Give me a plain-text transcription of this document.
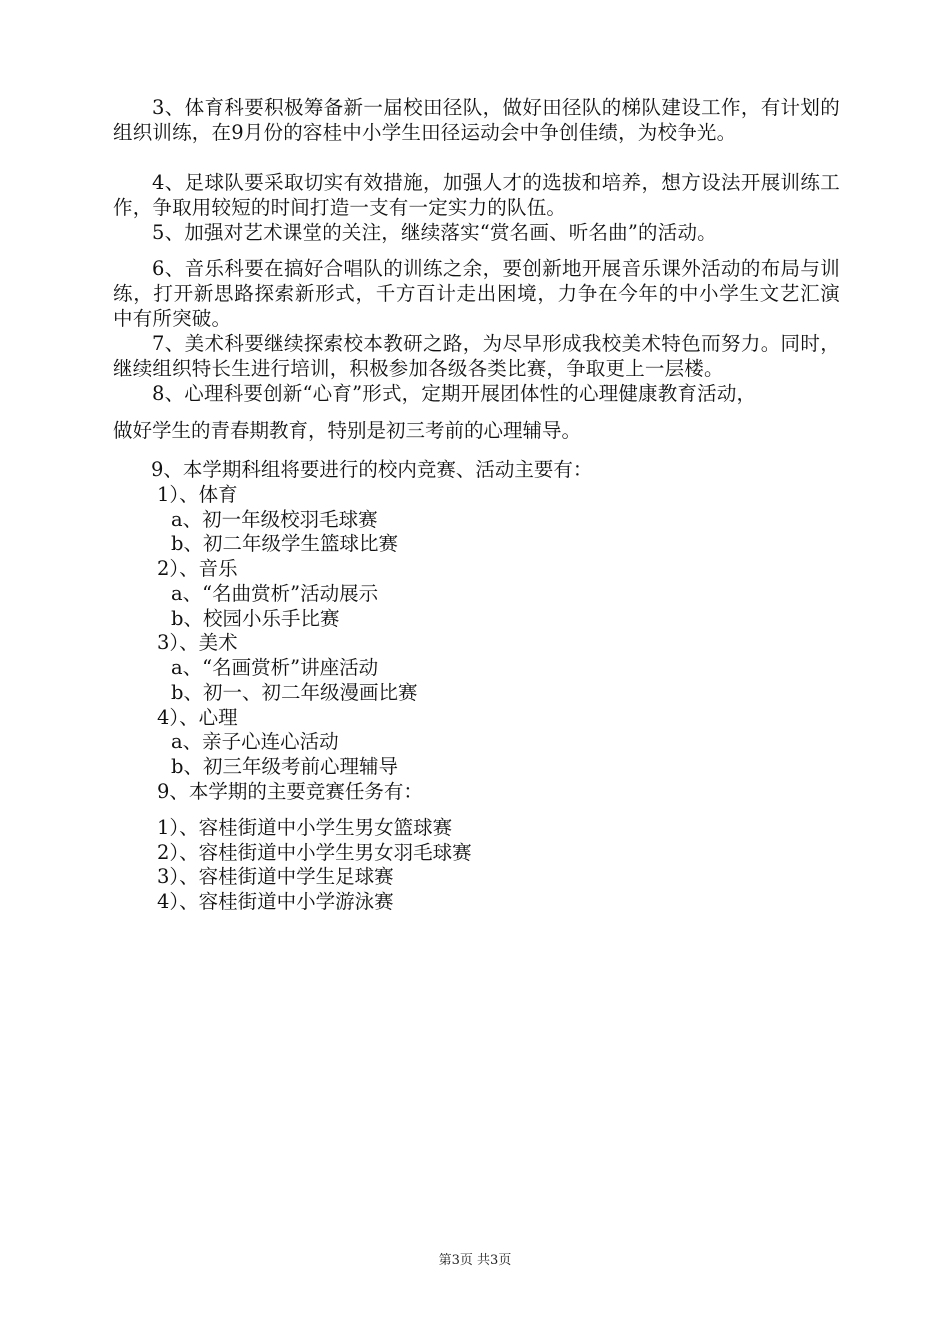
3、体育科要积极筹备新一届校田径队，做好田径队的梯队建设工作，有计划的组织训练，在9月份的容桂中小学生田径运动会中争创佳绩，为校争光。

4、足球队要采取切实有效措施，加强人才的选拔和培养，想方设法开展训练工作，争取用较短的时间打造一支有一定实力的队伍。

5、加强对艺术课堂的关注，继续落实“赏名画、听名曲”的活动。

6、音乐科要在搞好合唱队的训练之余，要创新地开展音乐课外活动的布局与训练，打开新思路探索新形式，千方百计走出困境，力争在今年的中小学生文艺汇演中有所突破。

7、美术科要继续探索校本教研之路，为尽早形成我校美术特色而努力。同时，继续组织特长生进行培训，积极参加各级各类比赛，争取更上一层楼。

8、心理科要创新“心育”形式，定期开展团体性的心理健康教育活动，

做好学生的青春期教育，特别是初三考前的心理辅导。

9、本学期科组将要进行的校内竞赛、活动主要有：

1）、体育

a、初一年级校羽毛球赛

b、初二年级学生篮球比赛

2）、音乐

a、“名曲赏析”活动展示

b、校园小乐手比赛

3）、美术

a、“名画赏析”讲座活动

b、初一、初二年级漫画比赛

4）、心理

a、亲子心连心活动

b、初三年级考前心理辅导

9、本学期的主要竞赛任务有：

1）、容桂街道中小学生男女篮球赛

2）、容桂街道中小学生男女羽毛球赛

3）、容桂街道中学生足球赛

4）、容桂街道中小学游泳赛

第3页 共3页
